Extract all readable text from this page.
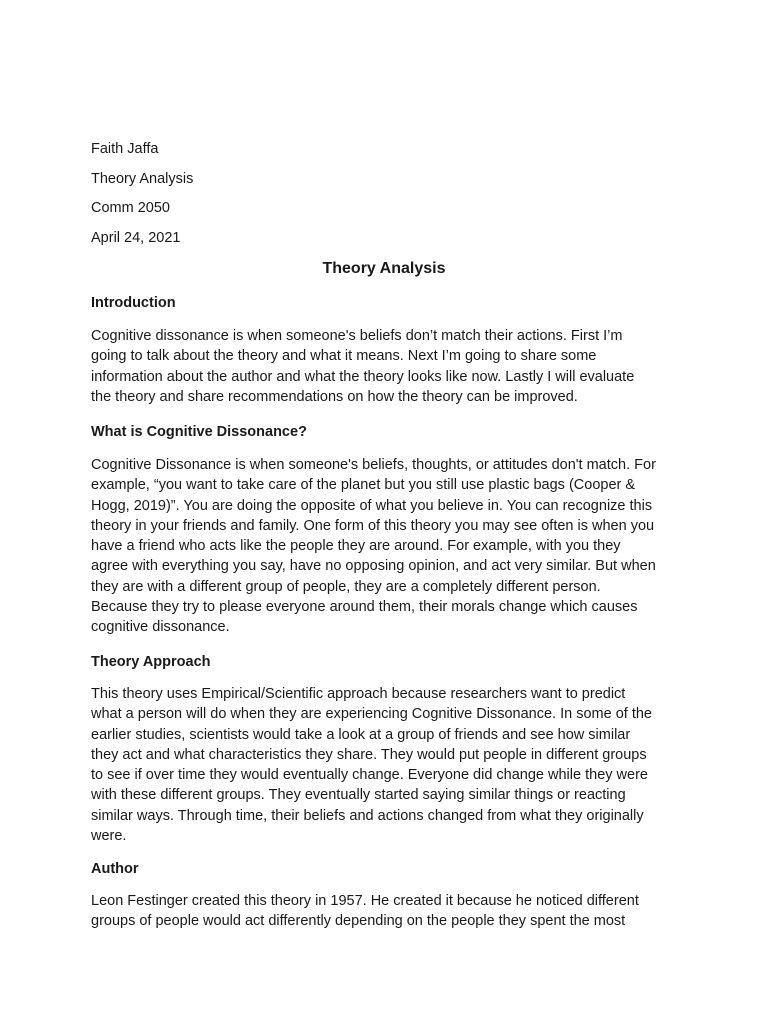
Faith Jaffa
Theory Analysis
Comm 2050
April 24, 2021
Theory Analysis
Introduction
Cognitive dissonance is when someone's beliefs don’t match their actions. First I’m
going to talk about the theory and what it means. Next I’m going to share some
information about the author and what the theory looks like now. Lastly I will evaluate
the theory and share recommendations on how the theory can be improved.
What is Cognitive Dissonance?
Cognitive Dissonance is when someone's beliefs, thoughts, or attitudes don't match. For
example, “you want to take care of the planet but you still use plastic bags (Cooper &
Hogg, 2019)”. You are doing the opposite of what you believe in. You can recognize this
theory in your friends and family. One form of this theory you may see often is when you
have a friend who acts like the people they are around. For example, with you they
agree with everything you say, have no opposing opinion, and act very similar. But when
they are with a different group of people, they are a completely different person.
Because they try to please everyone around them, their morals change which causes
cognitive dissonance.
Theory Approach
This theory uses Empirical/Scientific approach because researchers want to predict
what a person will do when they are experiencing Cognitive Dissonance. In some of the
earlier studies, scientists would take a look at a group of friends and see how similar
they act and what characteristics they share. They would put people in different groups
to see if over time they would eventually change. Everyone did change while they were
with these different groups. They eventually started saying similar things or reacting
similar ways. Through time, their beliefs and actions changed from what they originally
were.
Author
Leon Festinger created this theory in 1957. He created it because he noticed different
groups of people would act differently depending on the people they spent the most
